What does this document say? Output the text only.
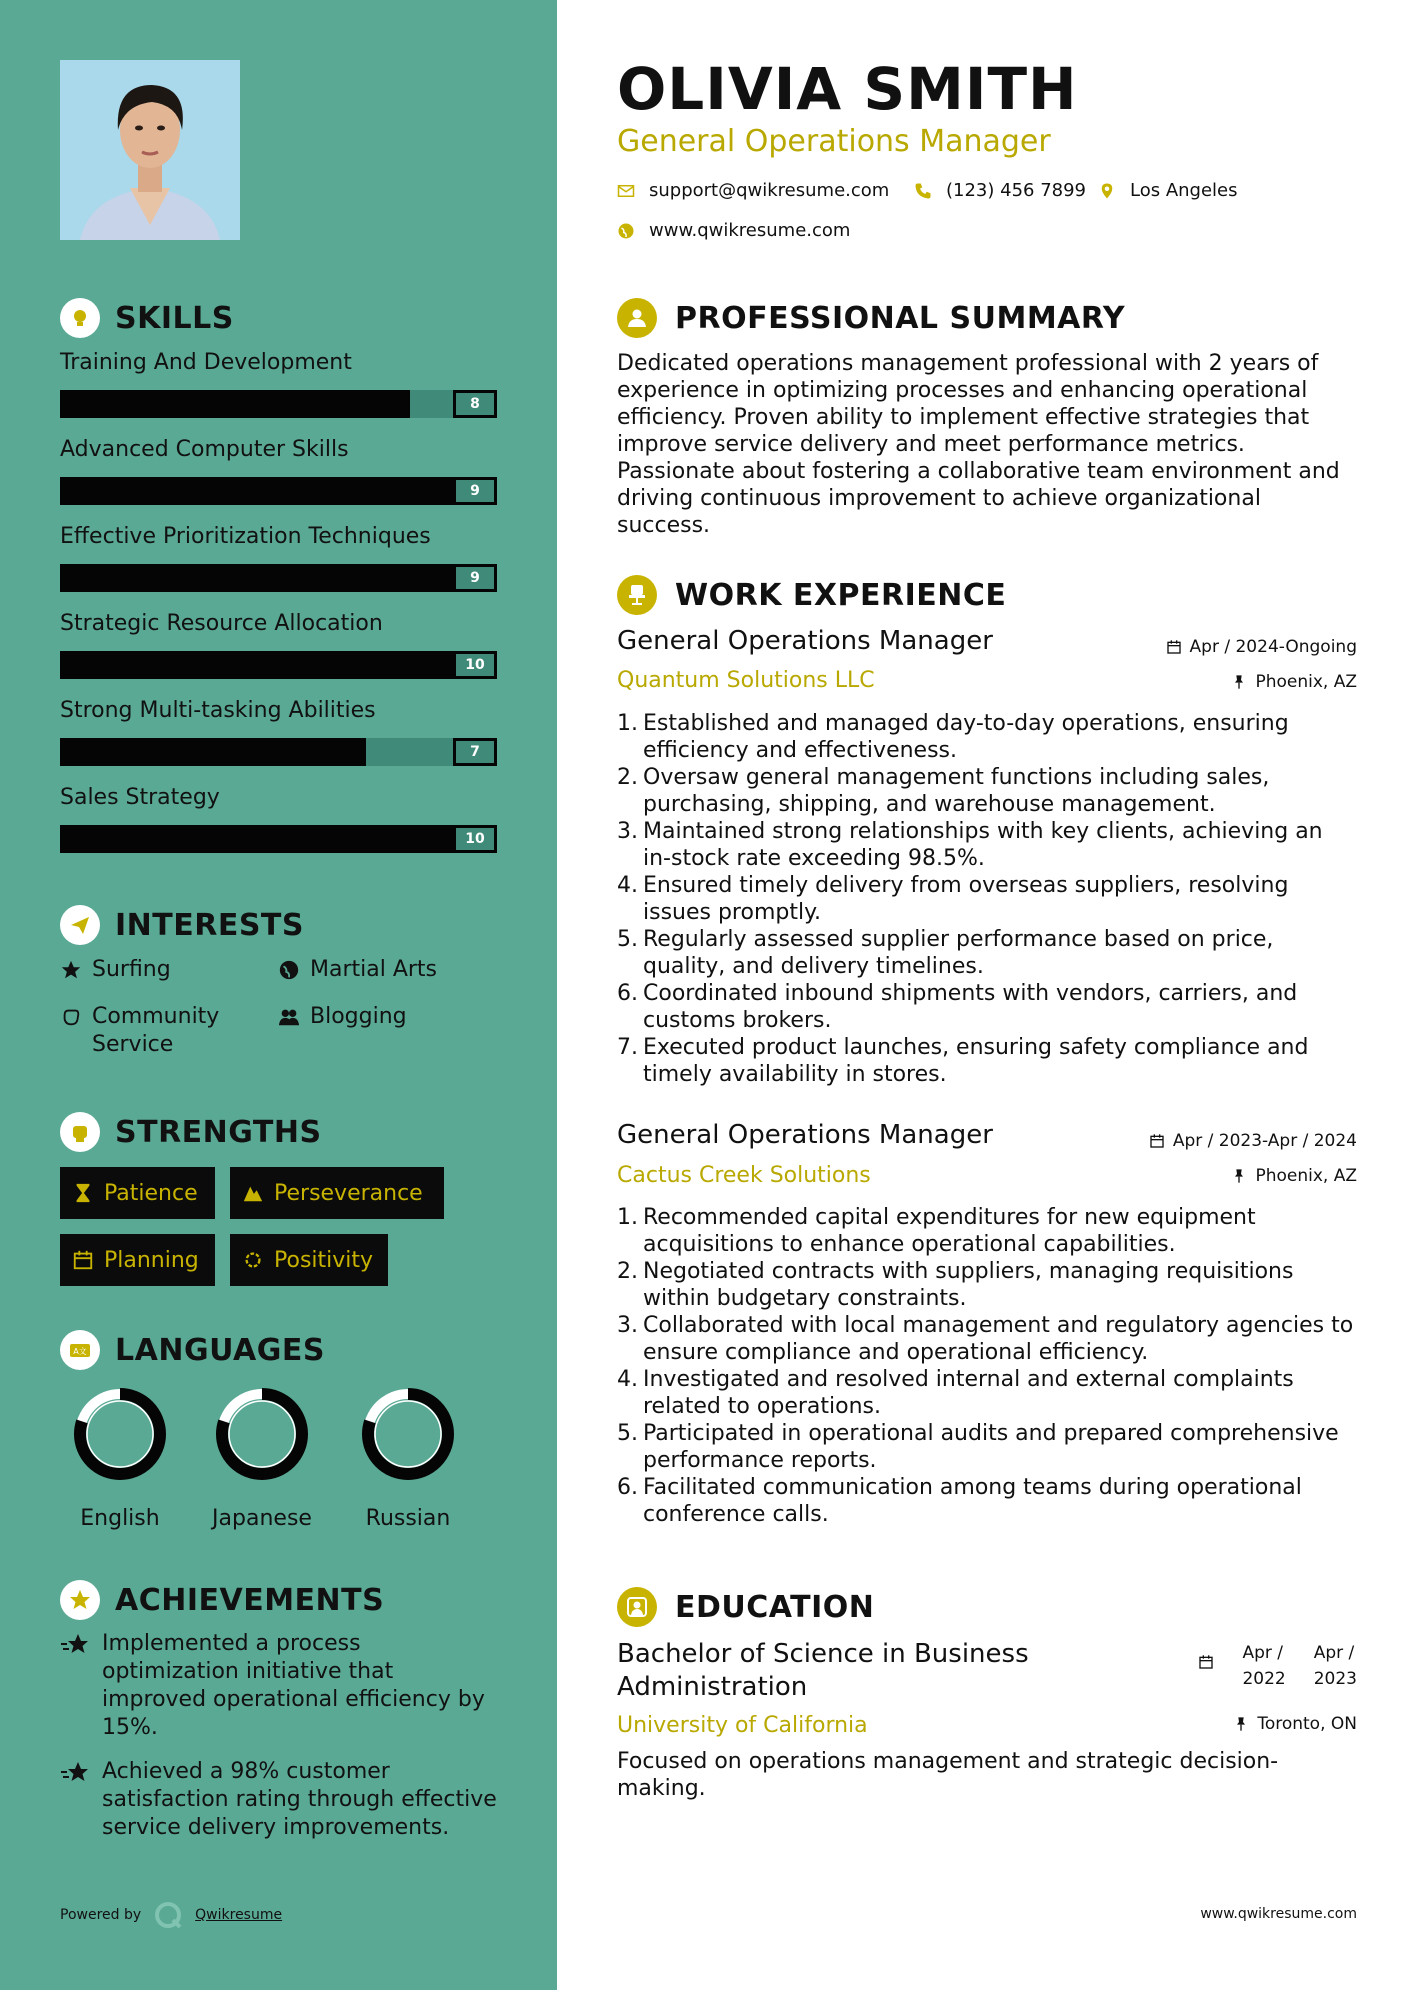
SKILLS
INTERESTS
Surfing	Martial Arts
Community Service
Blogging
STRENGTHS
Patience	Perseverance
Planning	Positivity
A文 LANGUAGES
ACHIEVEMENTS
Implemented a process optimization initiative that improved operational efficiency by 15%.
Achieved a 98% customer satisfaction rating through effective service delivery improvements.
Powered by	Qwikresume
Training And Development
8
Advanced Computer Skills
9
Effective Prioritization Techniques
9
Strategic Resource Allocation
10
Strong Multi-tasking Abilities
7
Sales Strategy
10
English	Japanese	Russian
OLIVIA SMITH
General Operations Manager
support@qwikresume.com	(123) 456 7899 Los Angeles
www.qwikresume.com
PROFESSIONAL SUMMARY
Dedicated operations management professional with 2 years of experience in optimizing processes and enhancing operational efficiency. Proven ability to implement effective strategies that improve service delivery and meet performance metrics. Passionate about fostering a collaborative team environment and driving continuous improvement to achieve organizational success.
WORK EXPERIENCE
General Operations Manager
Quantum Solutions LLC
Apr / 2024-Ongoing
Phoenix, AZ
1. Established and managed day-to-day operations, ensuring efficiency and effectiveness.
2. Oversaw general management functions including sales, purchasing, shipping, and warehouse management.
3. Maintained strong relationships with key clients, achieving an in-stock rate exceeding 98.5%.
4. Ensured timely delivery from overseas suppliers, resolving issues promptly.
5. Regularly assessed supplier performance based on price, quality, and delivery timelines.
6. Coordinated inbound shipments with vendors, carriers, and customs brokers.
7. Executed product launches, ensuring safety compliance and timely availability in stores.
General Operations Manager
Cactus Creek Solutions
Apr / 2023-Apr / 2024
Phoenix, AZ
1. Recommended capital expenditures for new equipment acquisitions to enhance operational capabilities.
2. Negotiated contracts with suppliers, managing requisitions within budgetary constraints.
3. Collaborated with local management and regulatory agencies to ensure compliance and operational efficiency.
4. Investigated and resolved internal and external complaints related to operations.
5. Participated in operational audits and prepared comprehensive performance reports.
6. Facilitated communication among teams during operational conference calls.
EDUCATION
Bachelor of Science in Business Administration
University of California
Apr /
2022
Apr /
2023
Toronto, ON
Focused on operations management and strategic decision-making.
www.qwikresume.com
